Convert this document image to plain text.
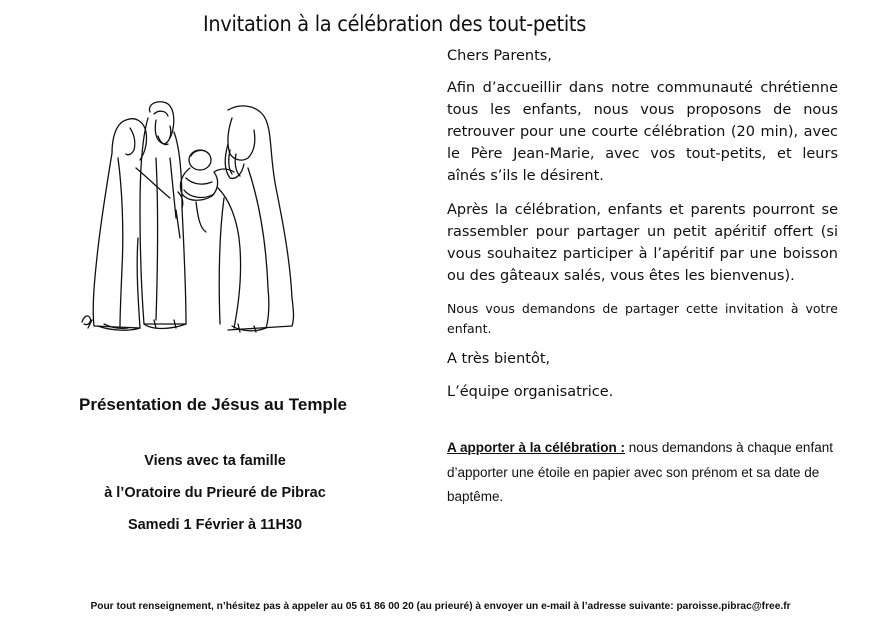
Invitation à la célébration des tout-petits
Présentation de Jésus au Temple
Viens avec ta famille
à l’Oratoire du Prieuré de Pibrac
Samedi 1 Février à 11H30
Chers Parents,
Afin d’accueillir dans notre communauté chrétienne tous les enfants, nous vous proposons de nous retrouver pour une courte célébration (20 min), avec le Père Jean-Marie, avec vos tout-petits, et leurs aînés s’ils le désirent.
Après la célébration, enfants et parents pourront se rassembler pour partager un petit apéritif offert (si vous souhaitez participer à l’apéritif par une boisson ou des gâteaux salés, vous êtes les bienvenus).
Nous vous demandons de partager cette invitation à votre enfant.
A très bientôt,
L’équipe organisatrice.
A apporter à la célébration : nous demandons à chaque enfant d’apporter une étoile en papier avec son prénom et sa date de baptême.
Pour tout renseignement, n’hésitez pas à appeler au 05 61 86 00 20 (au prieuré) à envoyer un e-mail à l’adresse suivante: paroisse.pibrac@free.fr
